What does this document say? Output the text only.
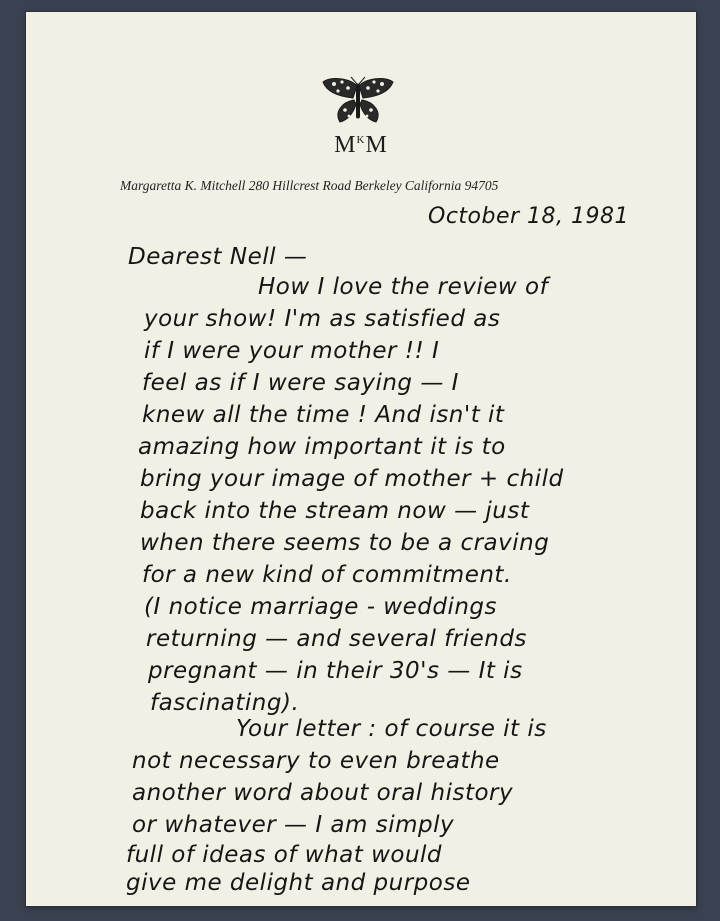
$M^KM$
Margaretta K. Mitchell 280 Hillcrest Road Berkeley California 94705
October 18, 1981
Dearest Nell —
How I love the review of
your show! I'm as satisfied as
if I were your mother !! I
feel as if I were saying — I
knew all the time ! And isn't it
amazing how important it is to
bring your image of mother + child
back into the stream now — just
when there seems to be a craving
for a new kind of commitment.
(I notice marriage - weddings
returning — and several friends
pregnant — in their 30's — It is
fascinating).
Your letter : of course it is
not necessary to even breathe
another word about oral history
or whatever — I am simply
full of ideas of what would
give me delight and purpose
